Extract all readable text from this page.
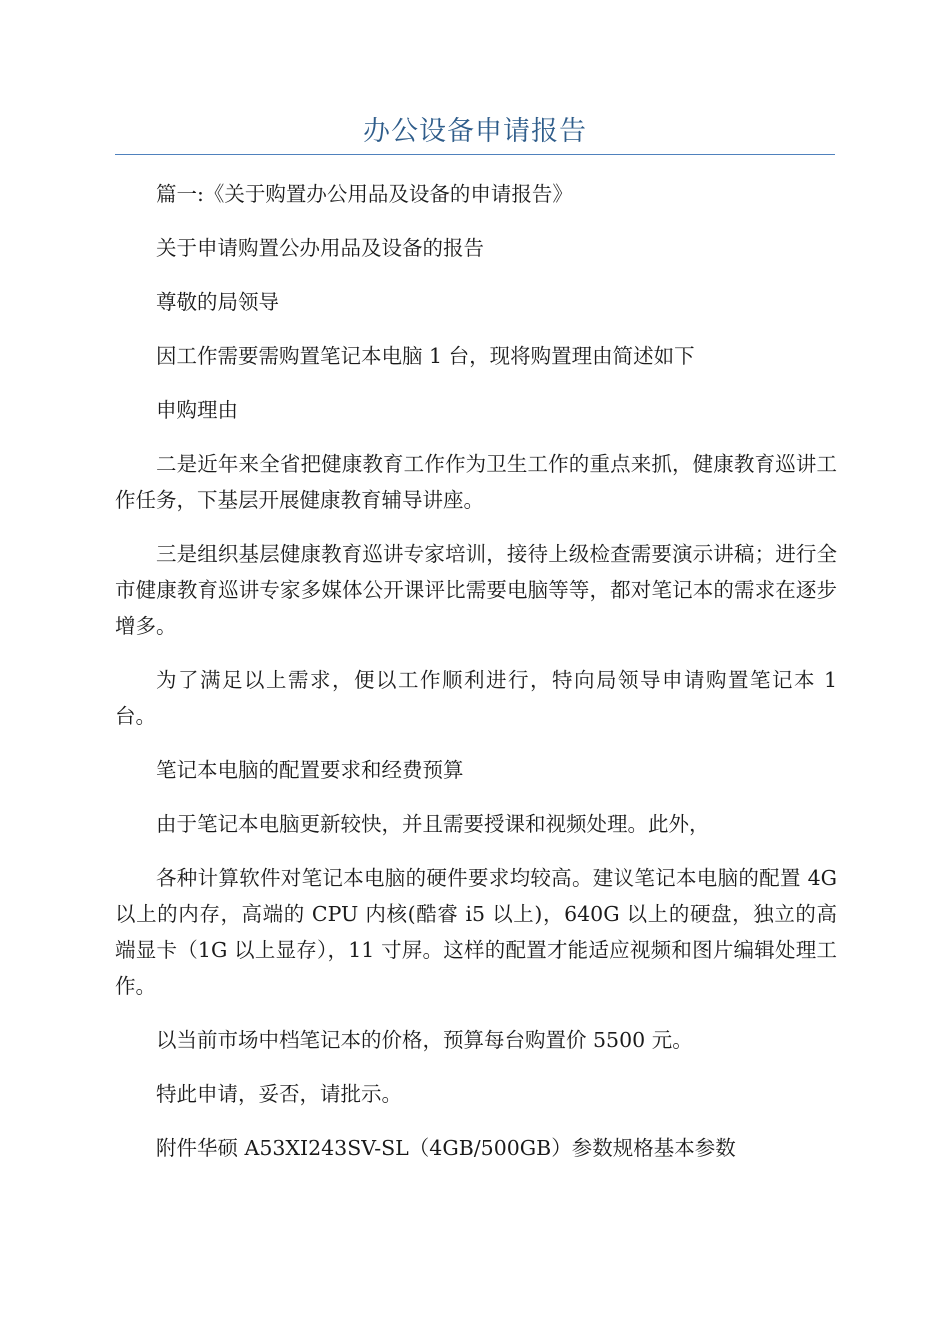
办公设备申请报告

篇一:《关于购置办公用品及设备的申请报告》

关于申请购置公办用品及设备的报告

尊敬的局领导

因工作需要需购置笔记本电脑 1 台，现将购置理由简述如下

申购理由

二是近年来全省把健康教育工作作为卫生工作的重点来抓，健康教育巡讲工作任务，下基层开展健康教育辅导讲座。

三是组织基层健康教育巡讲专家培训，接待上级检查需要演示讲稿；进行全市健康教育巡讲专家多媒体公开课评比需要电脑等等，都对笔记本的需求在逐步增多。

为了满足以上需求，便以工作顺利进行，特向局领导申请购置笔记本 1 台。

笔记本电脑的配置要求和经费预算

由于笔记本电脑更新较快，并且需要授课和视频处理。此外，

各种计算软件对笔记本电脑的硬件要求均较高。建议笔记本电脑的配置 4G 以上的内存，高端的 CPU 内核(酷睿 i5 以上)，640G 以上的硬盘，独立的高端显卡（1G 以上显存），11 寸屏。这样的配置才能适应视频和图片编辑处理工作。

以当前市场中档笔记本的价格，预算每台购置价 5500 元。

特此申请，妥否，请批示。

附件华硕 A53XI243SV-SL（4GB/500GB）参数规格基本参数
